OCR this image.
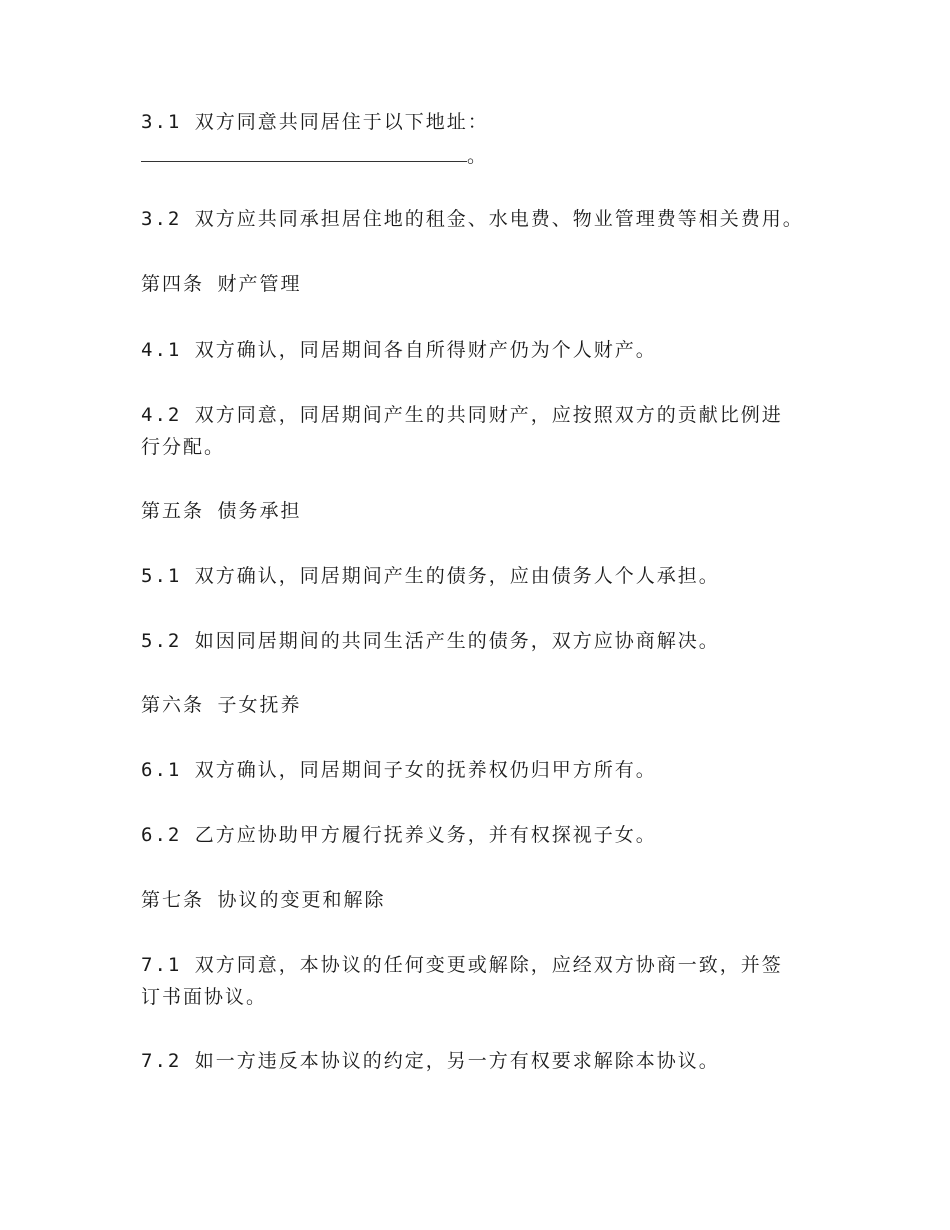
3.1 双方同意共同居住于以下地址：
。
3.2 双方应共同承担居住地的租金、水电费、物业管理费等相关费用。
第四条 财产管理
4.1 双方确认，同居期间各自所得财产仍为个人财产。
4.2 双方同意，同居期间产生的共同财产，应按照双方的贡献比例进
行分配。
第五条 债务承担
5.1 双方确认，同居期间产生的债务，应由债务人个人承担。
5.2 如因同居期间的共同生活产生的债务，双方应协商解决。
第六条 子女抚养
6.1 双方确认，同居期间子女的抚养权仍归甲方所有。
6.2 乙方应协助甲方履行抚养义务，并有权探视子女。
第七条 协议的变更和解除
7.1 双方同意，本协议的任何变更或解除，应经双方协商一致，并签
订书面协议。
7.2 如一方违反本协议的约定，另一方有权要求解除本协议。
